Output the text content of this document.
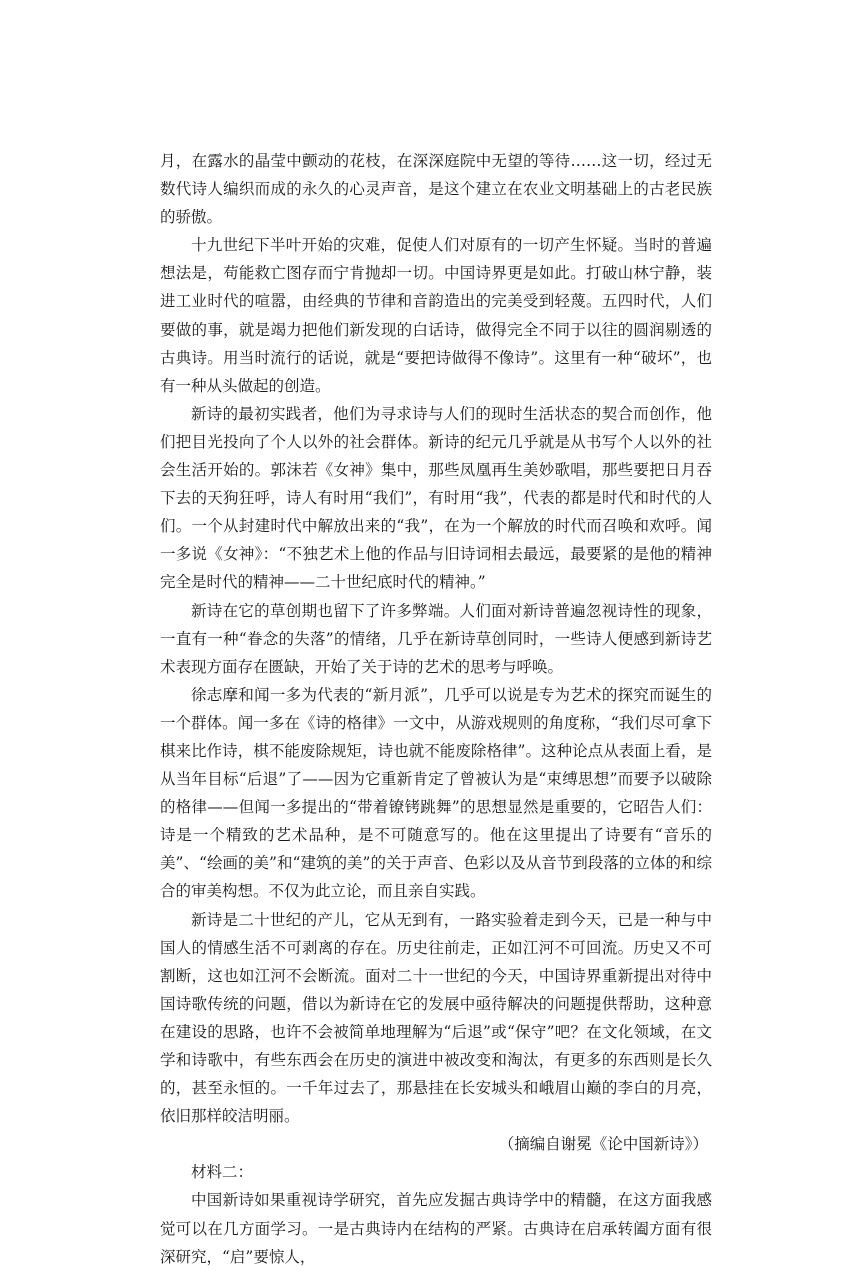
月，在露水的晶莹中颤动的花枝，在深深庭院中无望的等待……这一切，经过无数代诗人编织而成的永久的心灵声音，是这个建立在农业文明基础上的古老民族的骄傲。

十九世纪下半叶开始的灾难，促使人们对原有的一切产生怀疑。当时的普遍想法是，苟能救亡图存而宁肯抛却一切。中国诗界更是如此。打破山林宁静，装进工业时代的喧嚣，由经典的节律和音韵造出的完美受到轻蔑。五四时代，人们要做的事，就是竭力把他们新发现的白话诗，做得完全不同于以往的圆润剔透的古典诗。用当时流行的话说，就是“要把诗做得不像诗”。这里有一种“破坏”，也有一种从头做起的创造。

新诗的最初实践者，他们为寻求诗与人们的现时生活状态的契合而创作，他们把目光投向了个人以外的社会群体。新诗的纪元几乎就是从书写个人以外的社会生活开始的。郭沫若《女神》集中，那些凤凰再生美妙歌唱，那些要把日月吞下去的天狗狂呼，诗人有时用“我们”，有时用“我”，代表的都是时代和时代的人们。一个从封建时代中解放出来的“我”，在为一个解放的时代而召唤和欢呼。闻一多说《女神》：“不独艺术上他的作品与旧诗词相去最远，最要紧的是他的精神完全是时代的精神——二十世纪底时代的精神。”

新诗在它的草创期也留下了许多弊端。人们面对新诗普遍忽视诗性的现象，一直有一种“眷念的失落”的情绪，几乎在新诗草创同时，一些诗人便感到新诗艺术表现方面存在匮缺，开始了关于诗的艺术的思考与呼唤。

徐志摩和闻一多为代表的“新月派”，几乎可以说是专为艺术的探究而诞生的一个群体。闻一多在《诗的格律》一文中，从游戏规则的角度称，“我们尽可拿下棋来比作诗，棋不能废除规矩，诗也就不能废除格律”。这种论点从表面上看，是从当年目标“后退”了——因为它重新肯定了曾被认为是“束缚思想”而要予以破除的格律——但闻一多提出的“带着镣铐跳舞”的思想显然是重要的，它昭告人们：诗是一个精致的艺术品种，是不可随意写的。他在这里提出了诗要有“音乐的美”、“绘画的美”和“建筑的美”的关于声音、色彩以及从音节到段落的立体的和综合的审美构想。不仅为此立论，而且亲自实践。

新诗是二十世纪的产儿，它从无到有，一路实验着走到今天，已是一种与中国人的情感生活不可剥离的存在。历史往前走，正如江河不可回流。历史又不可割断，这也如江河不会断流。面对二十一世纪的今天，中国诗界重新提出对待中国诗歌传统的问题，借以为新诗在它的发展中亟待解决的问题提供帮助，这种意在建设的思路，也许不会被简单地理解为“后退”或“保守”吧？在文化领域，在文学和诗歌中，有些东西会在历史的演进中被改变和淘汰，有更多的东西则是长久的，甚至永恒的。一千年过去了，那悬挂在长安城头和峨眉山巅的李白的月亮，依旧那样皎洁明丽。

（摘编自谢冕《论中国新诗》）

材料二：

中国新诗如果重视诗学研究，首先应发掘古典诗学中的精髓，在这方面我感觉可以在几方面学习。一是古典诗内在结构的严紧。古典诗在启承转阖方面有很深研究，“启”要惊人，
